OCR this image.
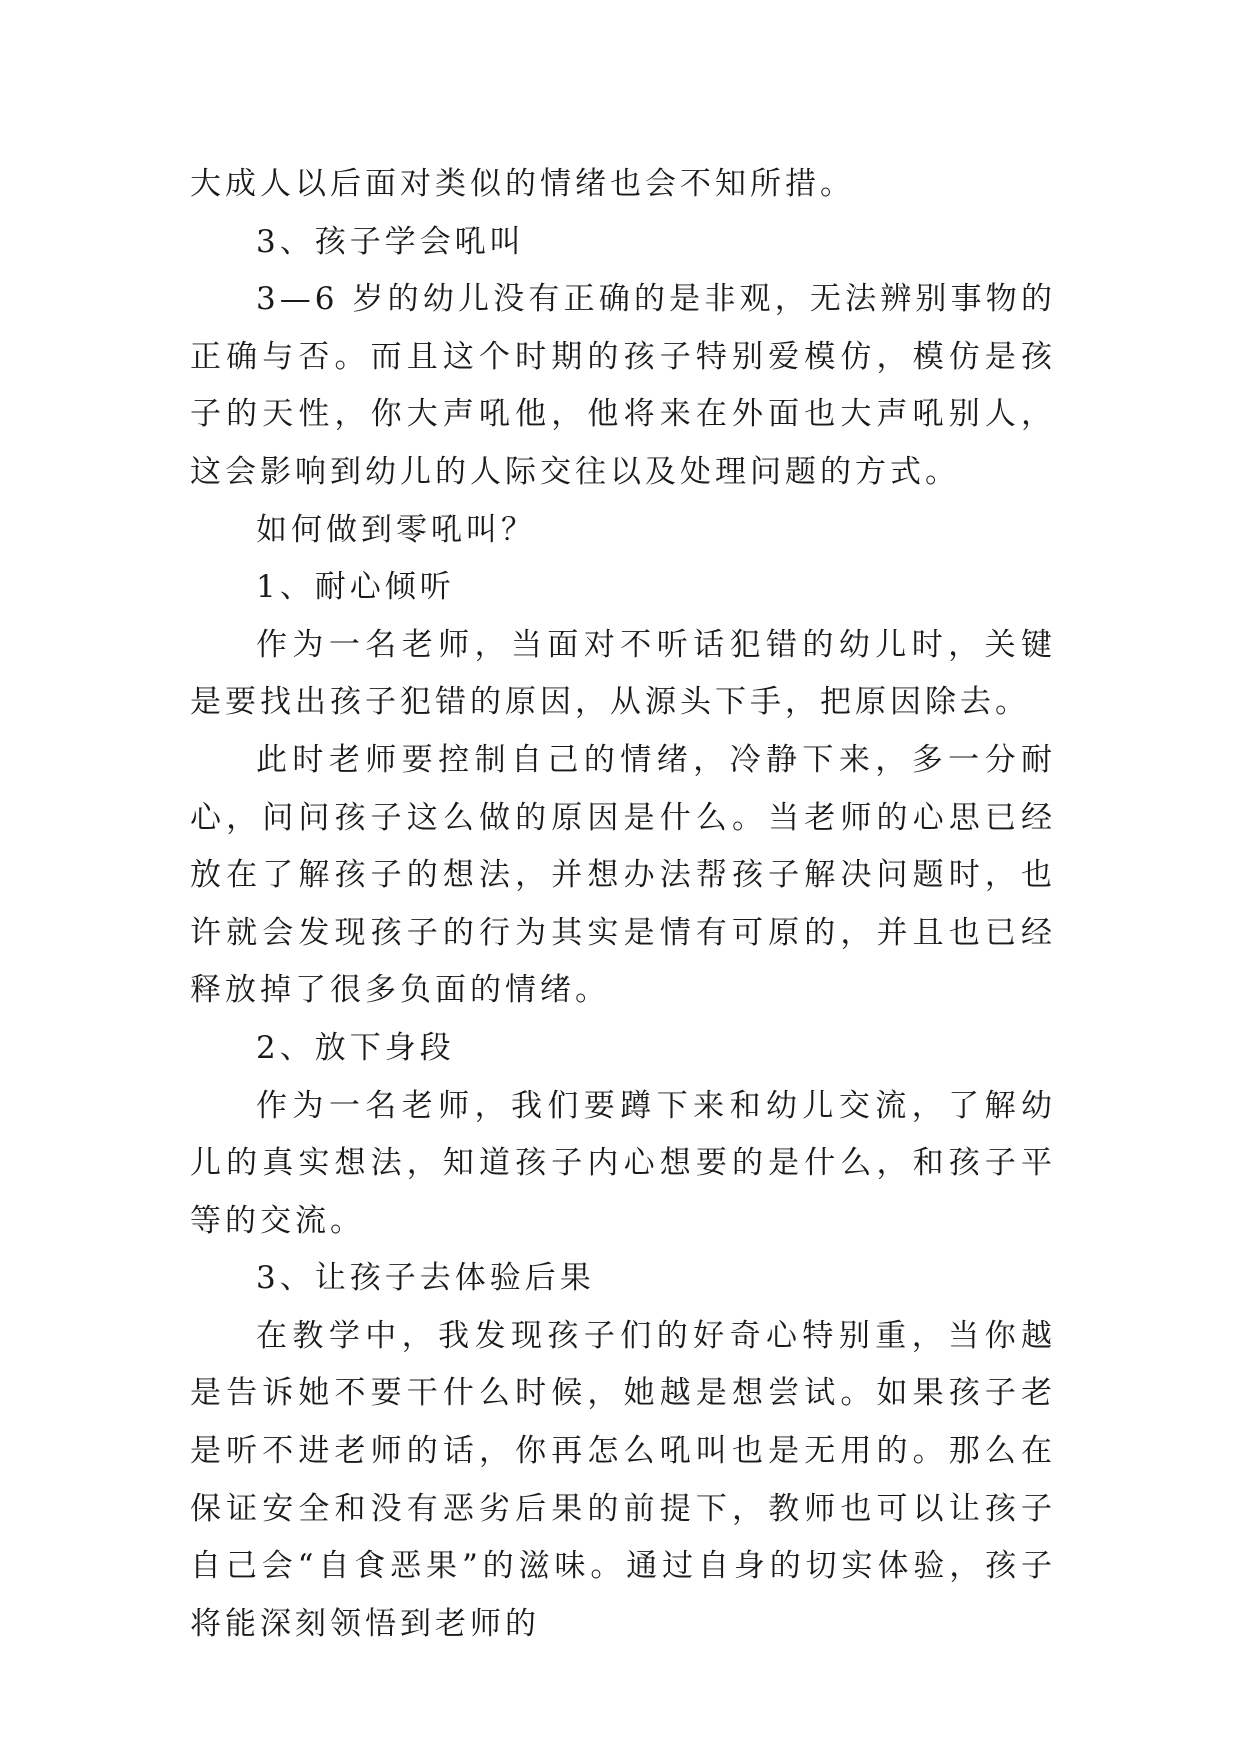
大成人以后面对类似的情绪也会不知所措。

3、孩子学会吼叫

3—6 岁的幼儿没有正确的是非观，无法辨别事物的正确与否。而且这个时期的孩子特别爱模仿，模仿是孩子的天性，你大声吼他，他将来在外面也大声吼别人，这会影响到幼儿的人际交往以及处理问题的方式。

如何做到零吼叫？

1、耐心倾听

作为一名老师，当面对不听话犯错的幼儿时，关键是要找出孩子犯错的原因，从源头下手，把原因除去。

此时老师要控制自己的情绪，冷静下来，多一分耐心，问问孩子这么做的原因是什么。当老师的心思已经放在了解孩子的想法，并想办法帮孩子解决问题时，也许就会发现孩子的行为其实是情有可原的，并且也已经释放掉了很多负面的情绪。

2、放下身段

作为一名老师，我们要蹲下来和幼儿交流，了解幼儿的真实想法，知道孩子内心想要的是什么，和孩子平等的交流。

3、让孩子去体验后果

在教学中，我发现孩子们的好奇心特别重，当你越是告诉她不要干什么时候，她越是想尝试。如果孩子老是听不进老师的话，你再怎么吼叫也是无用的。那么在保证安全和没有恶劣后果的前提下，教师也可以让孩子自己会“自食恶果”的滋味。通过自身的切实体验，孩子将能深刻领悟到老师的
